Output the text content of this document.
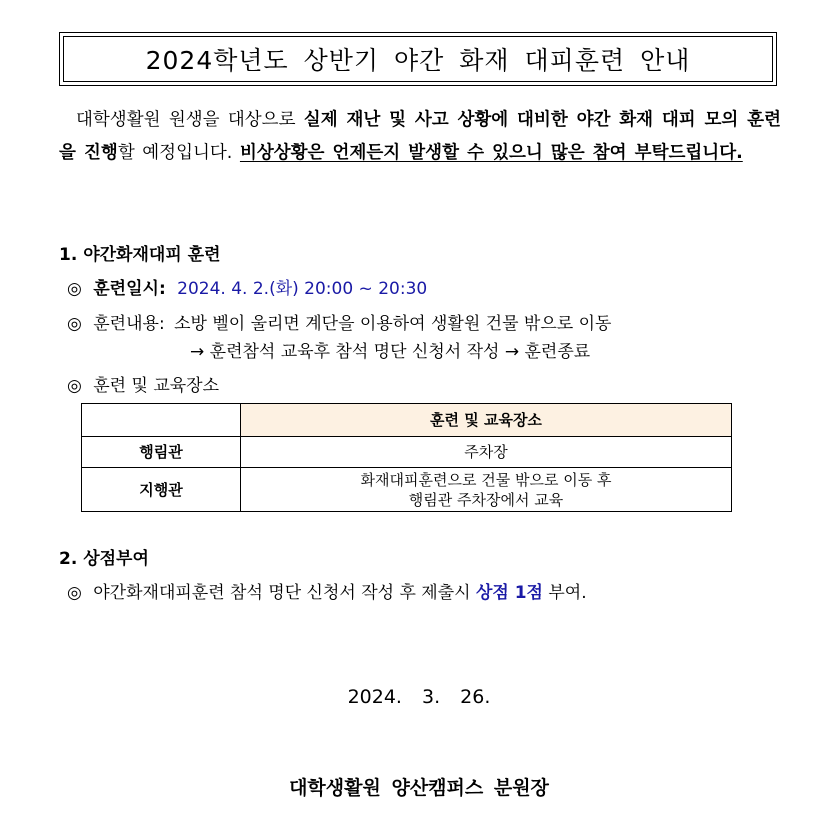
2024학년도 상반기 야간 화재 대피훈련 안내
대학생활원 원생을 대상으로 실제 재난 및 사고 상황에 대비한 야간 화재 대피 모의 훈련을 진행할 예정입니다. 비상상황은 언제든지 발생할 수 있으니 많은 참여 부탁드립니다.
1. 야간화재대피 훈련
◎ 훈련일시: 2024. 4. 2.(화) 20:00 ~ 20:30
◎ 훈련내용: 소방 벨이 울리면 계단을 이용하여 생활원 건물 밖으로 이동
→ 훈련참석 교육후 참석 명단 신청서 작성 → 훈련종료
◎ 훈련 및 교육장소
	훈련 및 교육장소
행림관	주차장
지행관	화재대피훈련으로 건물 밖으로 이동 후
행림관 주차장에서 교육
2. 상점부여
◎ 야간화재대피훈련 참석 명단 신청서 작성 후 제출시 상점 1점 부여.
2024. 3. 26.
대학생활원 양산캠퍼스 분원장
